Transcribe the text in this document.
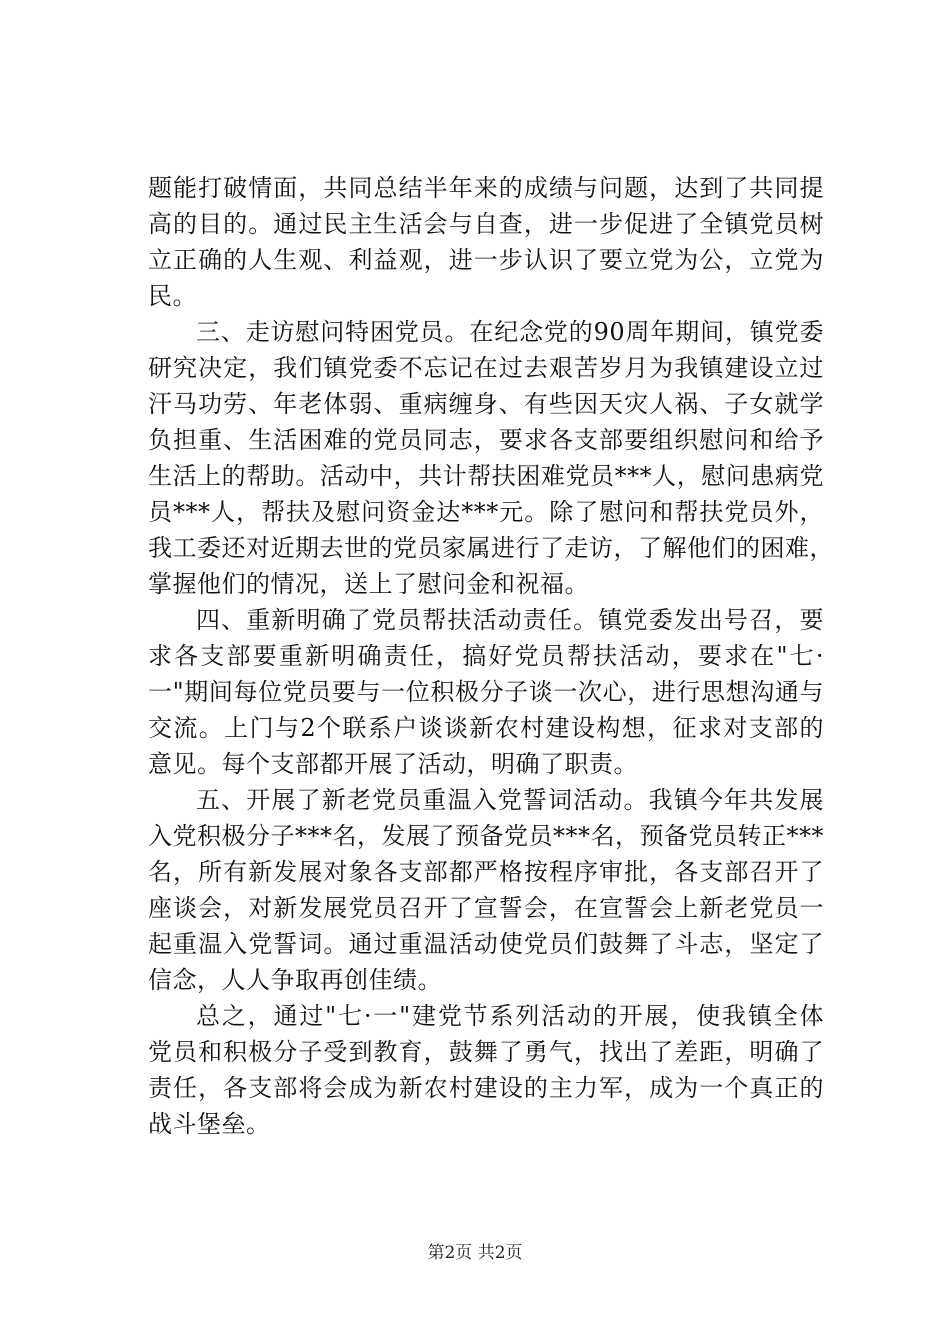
题能打破情面，共同总结半年来的成绩与问题，达到了共同提
高的目的。通过民主生活会与自查，进一步促进了全镇党员树
立正确的人生观、利益观，进一步认识了要立党为公，立党为
民。
三、走访慰问特困党员。在纪念党的90周年期间，镇党委
研究决定，我们镇党委不忘记在过去艰苦岁月为我镇建设立过
汗马功劳、年老体弱、重病缠身、有些因天灾人祸、子女就学
负担重、生活困难的党员同志，要求各支部要组织慰问和给予
生活上的帮助。活动中，共计帮扶困难党员***人，慰问患病党
员***人，帮扶及慰问资金达***元。除了慰问和帮扶党员外，
我工委还对近期去世的党员家属进行了走访，了解他们的困难，
掌握他们的情况，送上了慰问金和祝福。
四、重新明确了党员帮扶活动责任。镇党委发出号召，要
求各支部要重新明确责任，搞好党员帮扶活动，要求在"七·
一"期间每位党员要与一位积极分子谈一次心，进行思想沟通与
交流。上门与2个联系户谈谈新农村建设构想，征求对支部的
意见。每个支部都开展了活动，明确了职责。
五、开展了新老党员重温入党誓词活动。我镇今年共发展
入党积极分子***名，发展了预备党员***名，预备党员转正***
名，所有新发展对象各支部都严格按程序审批，各支部召开了
座谈会，对新发展党员召开了宣誓会，在宣誓会上新老党员一
起重温入党誓词。通过重温活动使党员们鼓舞了斗志，坚定了
信念，人人争取再创佳绩。
总之，通过"七·一"建党节系列活动的开展，使我镇全体
党员和积极分子受到教育，鼓舞了勇气，找出了差距，明确了
责任，各支部将会成为新农村建设的主力军，成为一个真正的
战斗堡垒。
第2页 共2页
